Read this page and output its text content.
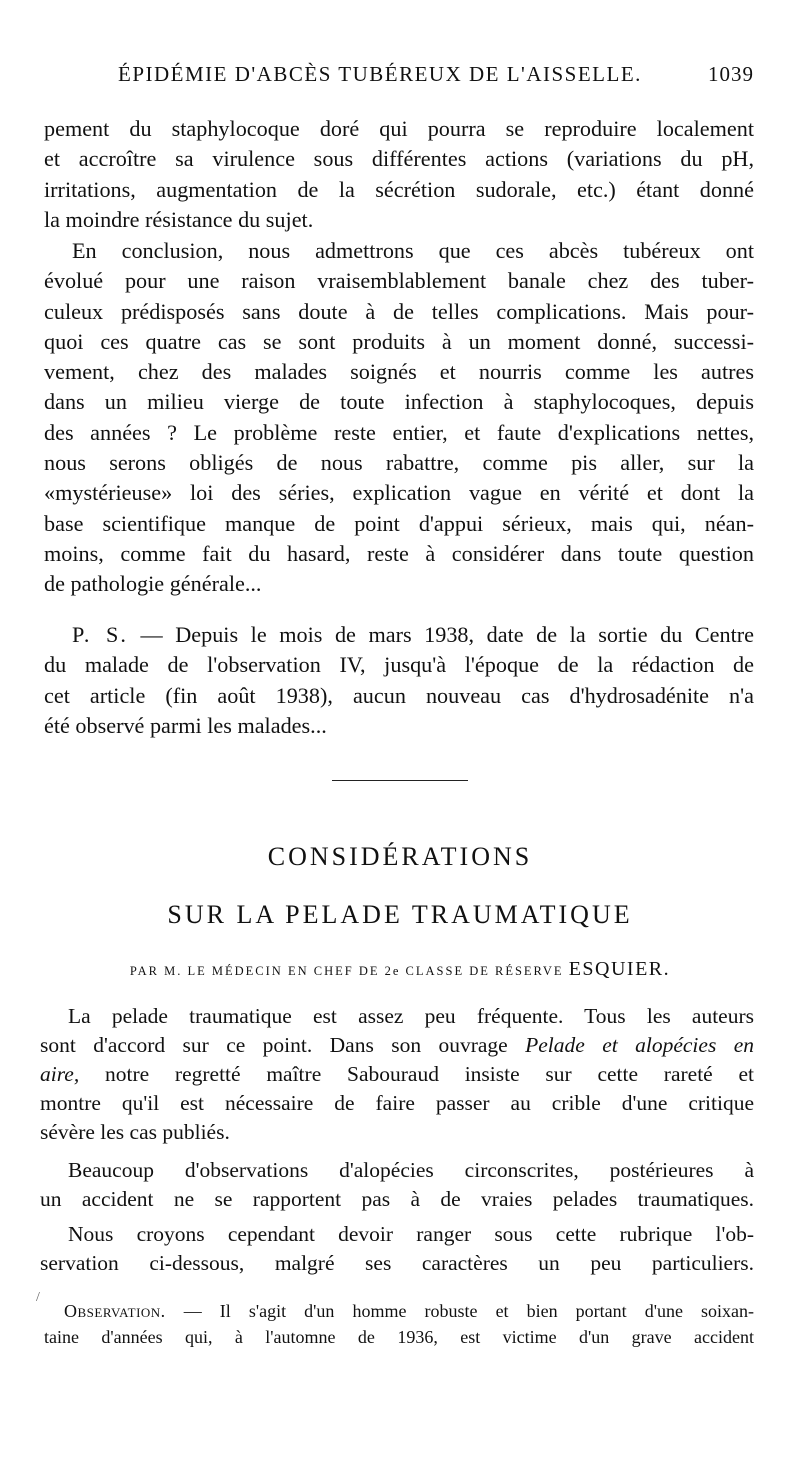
ÉPIDÉMIE D'ABCÈS TUBÉREUX DE L'AISSELLE.	1039
pement du staphylocoque doré qui pourra se reproduire localement
et accroître sa virulence sous différentes actions (variations du pH,
irritations, augmentation de la sécrétion sudorale, etc.) étant donné
la moindre résistance du sujet.
En conclusion, nous admettrons que ces abcès tubéreux ont
évolué pour une raison vraisemblablement banale chez des tuber-
culeux prédisposés sans doute à de telles complications. Mais pour-
quoi ces quatre cas se sont produits à un moment donné, successi-
vement, chez des malades soignés et nourris comme les autres
dans un milieu vierge de toute infection à staphylocoques, depuis
des années ? Le problème reste entier, et faute d'explications nettes,
nous serons obligés de nous rabattre, comme pis aller, sur la
«mystérieuse» loi des séries, explication vague en vérité et dont la
base scientifique manque de point d'appui sérieux, mais qui, néan-
moins, comme fait du hasard, reste à considérer dans toute question
de pathologie générale...
P. S. — Depuis le mois de mars 1938, date de la sortie du Centre
du malade de l'observation IV, jusqu'à l'époque de la rédaction de
cet article (fin août 1938), aucun nouveau cas d'hydrosadénite n'a
été observé parmi les malades...
CONSIDÉRATIONS
SUR LA PELADE TRAUMATIQUE
PAR M. LE MÉDECIN EN CHEF DE 2e CLASSE DE RÉSERVE ESQUIER.
La pelade traumatique est assez peu fréquente. Tous les auteurs
sont d'accord sur ce point. Dans son ouvrage Pelade et alopécies en
aire, notre regretté maître Sabouraud insiste sur cette rareté et
montre qu'il est nécessaire de faire passer au crible d'une critique
sévère les cas publiés.
Beaucoup d'observations d'alopécies circonscrites, postérieures à
un accident ne se rapportent pas à de vraies pelades traumatiques.
Nous croyons cependant devoir ranger sous cette rubrique l'ob-
servation ci-dessous, malgré ses caractères un peu particuliers.
/
Observation. — Il s'agit d'un homme robuste et bien portant d'une soixan-
taine d'années qui, à l'automne de 1936, est victime d'un grave accident
